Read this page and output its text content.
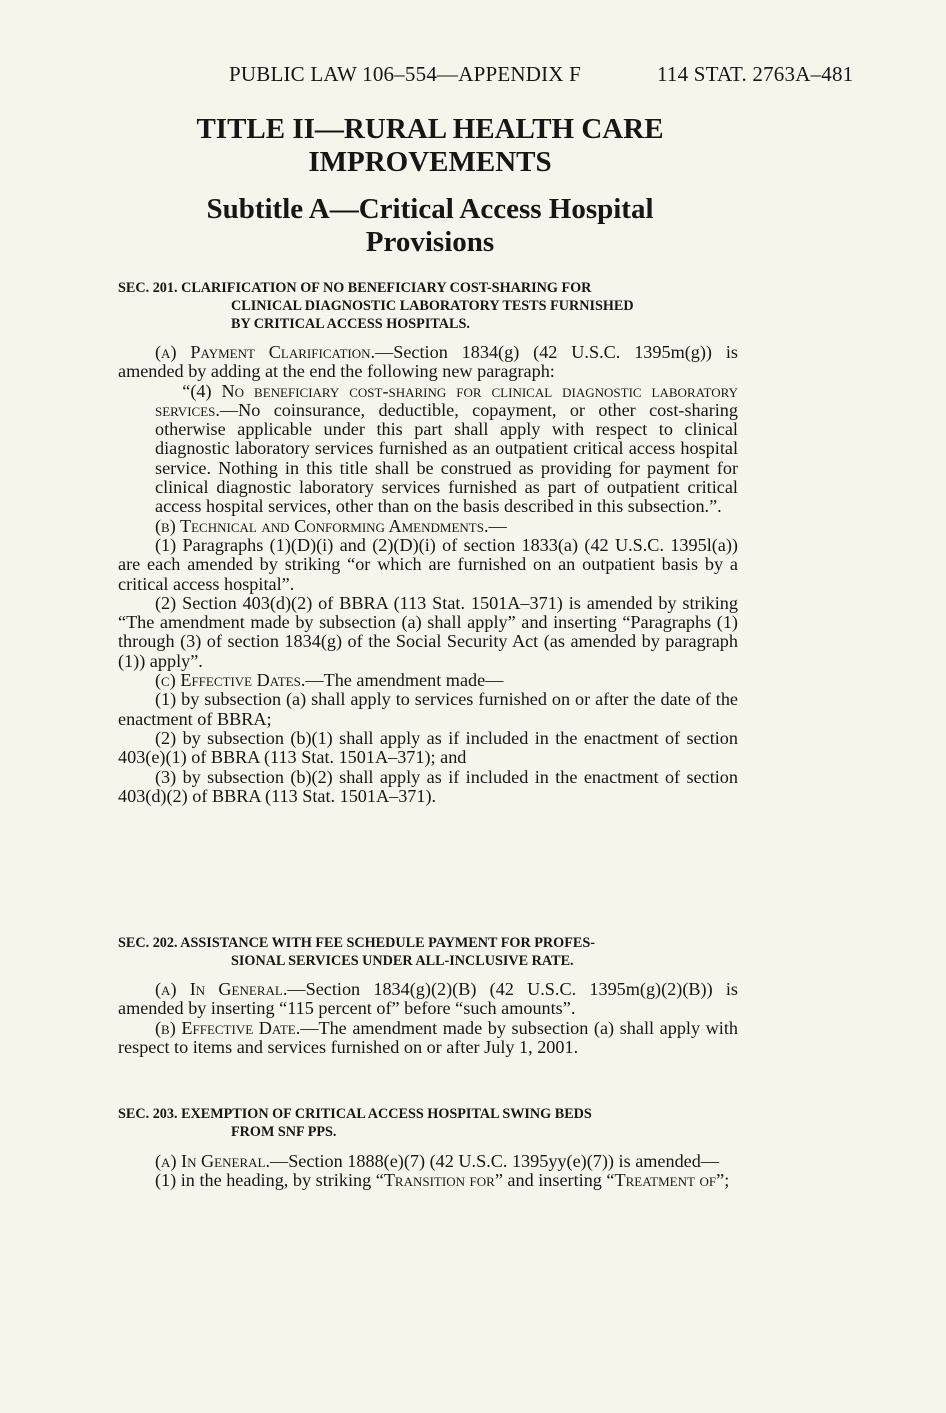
PUBLIC LAW 106–554—APPENDIX F	114 STAT. 2763A–481
TITLE II—RURAL HEALTH CARE
IMPROVEMENTS
Subtitle A—Critical Access Hospital
Provisions
SEC. 201. CLARIFICATION OF NO BENEFICIARY COST-SHARING FOR
CLINICAL DIAGNOSTIC LABORATORY TESTS FURNISHED
BY CRITICAL ACCESS HOSPITALS.

(a) Payment Clarification.—Section 1834(g) (42 U.S.C. 1395m(g)) is amended by adding at the end the following new paragraph:

   “(4) No beneficiary cost-sharing for clinical diagnostic laboratory services.—No coinsurance, deductible, copayment, or other cost-sharing otherwise applicable under this part shall apply with respect to clinical diagnostic laboratory services furnished as an outpatient critical access hospital service. Nothing in this title shall be construed as providing for payment for clinical diagnostic laboratory services furnished as part of outpatient critical access hospital services, other than on the basis described in this subsection.”.

(b) Technical and Conforming Amendments.—

(1) Paragraphs (1)(D)(i) and (2)(D)(i) of section 1833(a) (42 U.S.C. 1395l(a)) are each amended by striking “or which are furnished on an outpatient basis by a critical access hospital”.

(2) Section 403(d)(2) of BBRA (113 Stat. 1501A–371) is amended by striking “The amendment made by subsection (a) shall apply” and inserting “Paragraphs (1) through (3) of section 1834(g) of the Social Security Act (as amended by paragraph (1)) apply”.

(c) Effective Dates.—The amendment made—

(1) by subsection (a) shall apply to services furnished on or after the date of the enactment of BBRA;

(2) by subsection (b)(1) shall apply as if included in the enactment of section 403(e)(1) of BBRA (113 Stat. 1501A–371); and

(3) by subsection (b)(2) shall apply as if included in the enactment of section 403(d)(2) of BBRA (113 Stat. 1501A–371).

SEC. 202. ASSISTANCE WITH FEE SCHEDULE PAYMENT FOR PROFES-
SIONAL SERVICES UNDER ALL-INCLUSIVE RATE.

(a) In General.—Section 1834(g)(2)(B) (42 U.S.C. 1395m(g)(2)(B)) is amended by inserting “115 percent of” before “such amounts”.

(b) Effective Date.—The amendment made by subsection (a) shall apply with respect to items and services furnished on or after July 1, 2001.

SEC. 203. EXEMPTION OF CRITICAL ACCESS HOSPITAL SWING BEDS
FROM SNF PPS.

(a) In General.—Section 1888(e)(7) (42 U.S.C. 1395yy(e)(7)) is amended—

(1) in the heading, by striking “Transition for” and inserting “Treatment of”;
